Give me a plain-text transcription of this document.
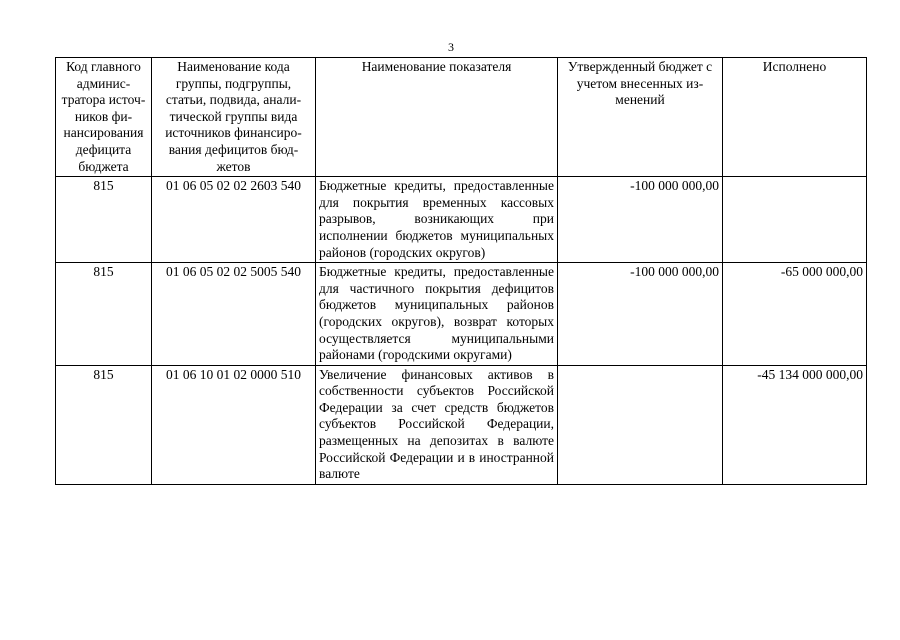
3
Код главного администратора источников финансирования дефицита бюджета	Наименование кода группы, подгруппы, статьи, подвида, аналитической группы вида источников финансирования дефицитов бюджетов	Наименование показателя	Утвержденный бюджет с учетом внесенных изменений	Исполнено
815	01 06 05 02 02 2603 540	Бюджетные кредиты, предоставленные для покрытия временных кассовых разрывов, возникающих при исполнении бюджетов муниципальных районов (городских округов)	-100 000 000,00	
815	01 06 05 02 02 5005 540	Бюджетные кредиты, предоставленные для частичного покрытия дефицитов бюджетов муниципальных районов (городских округов), возврат которых осуществляется муниципальными районами (городскими округами)	-100 000 000,00	-65 000 000,00
815	01 06 10 01 02 0000 510	Увеличение финансовых активов в собственности субъектов Российской Федерации за счет средств бюджетов субъектов Российской Федерации, размещенных на депозитах в валюте Российской Федерации и в иностранной валюте		-45 134 000 000,00
